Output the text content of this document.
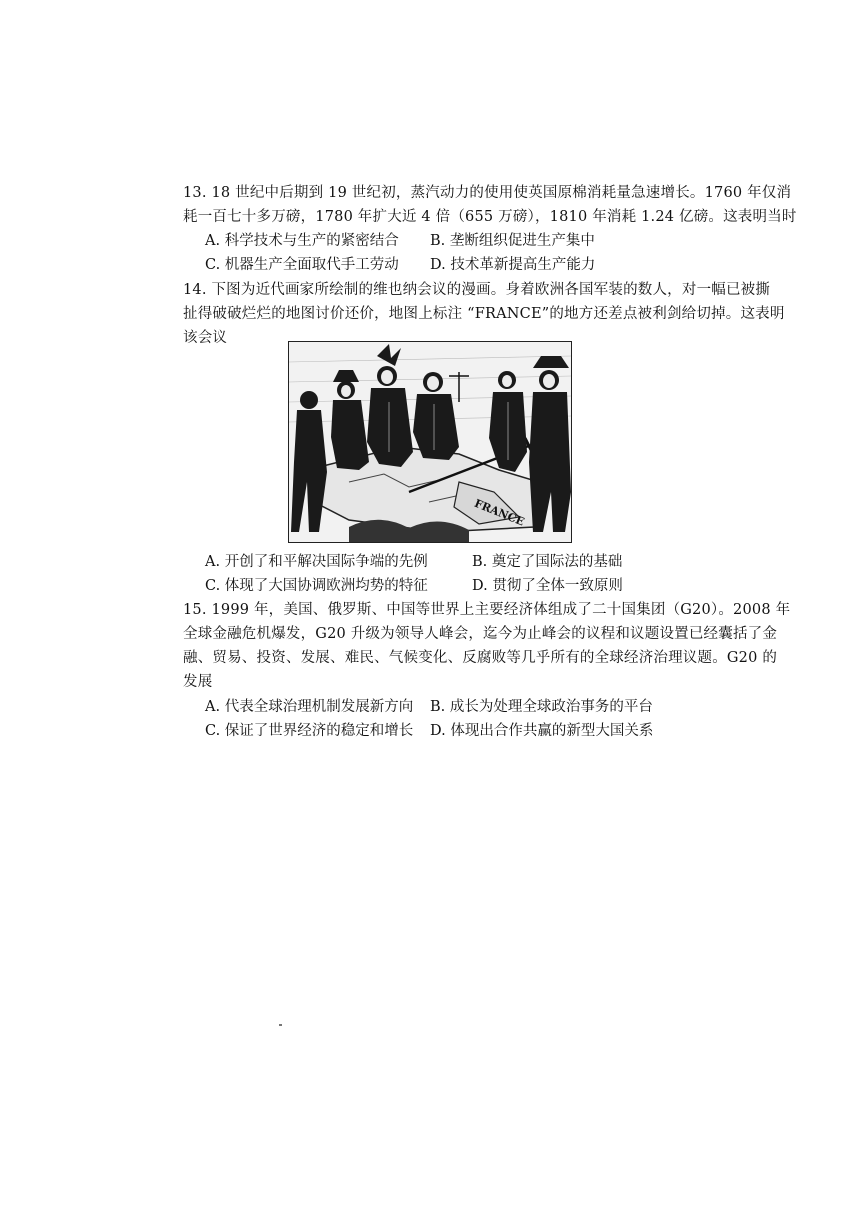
13. 18 世纪中后期到 19 世纪初，蒸汽动力的使用使英国原棉消耗量急速增长。1760 年仅消
耗一百七十多万磅，1780 年扩大近 4 倍（655 万磅），1810 年消耗 1.24 亿磅。这表明当时
A. 科学技术与生产的紧密结合 B. 垄断组织促进生产集中
C. 机器生产全面取代手工劳动 D. 技术革新提高生产能力
14. 下图为近代画家所绘制的维也纳会议的漫画。身着欧洲各国军装的数人，对一幅已被撕
扯得破破烂烂的地图讨价还价，地图上标注 “FRANCE”的地方还差点被利剑给切掉。这表明
该会议
FRANCE
A. 开创了和平解决国际争端的先例	B. 奠定了国际法的基础
C. 体现了大国协调欧洲均势的特征	D. 贯彻了全体一致原则
15. 1999 年，美国、俄罗斯、中国等世界上主要经济体组成了二十国集团（G20）。2008 年
全球金融危机爆发，G20 升级为领导人峰会，迄今为止峰会的议程和议题设置已经囊括了金
融、贸易、投资、发展、难民、气候变化、反腐败等几乎所有的全球经济治理议题。G20 的
发展
A. 代表全球治理机制发展新方向 B. 成长为处理全球政治事务的平台
C. 保证了世界经济的稳定和增长 D. 体现出合作共赢的新型大国关系
